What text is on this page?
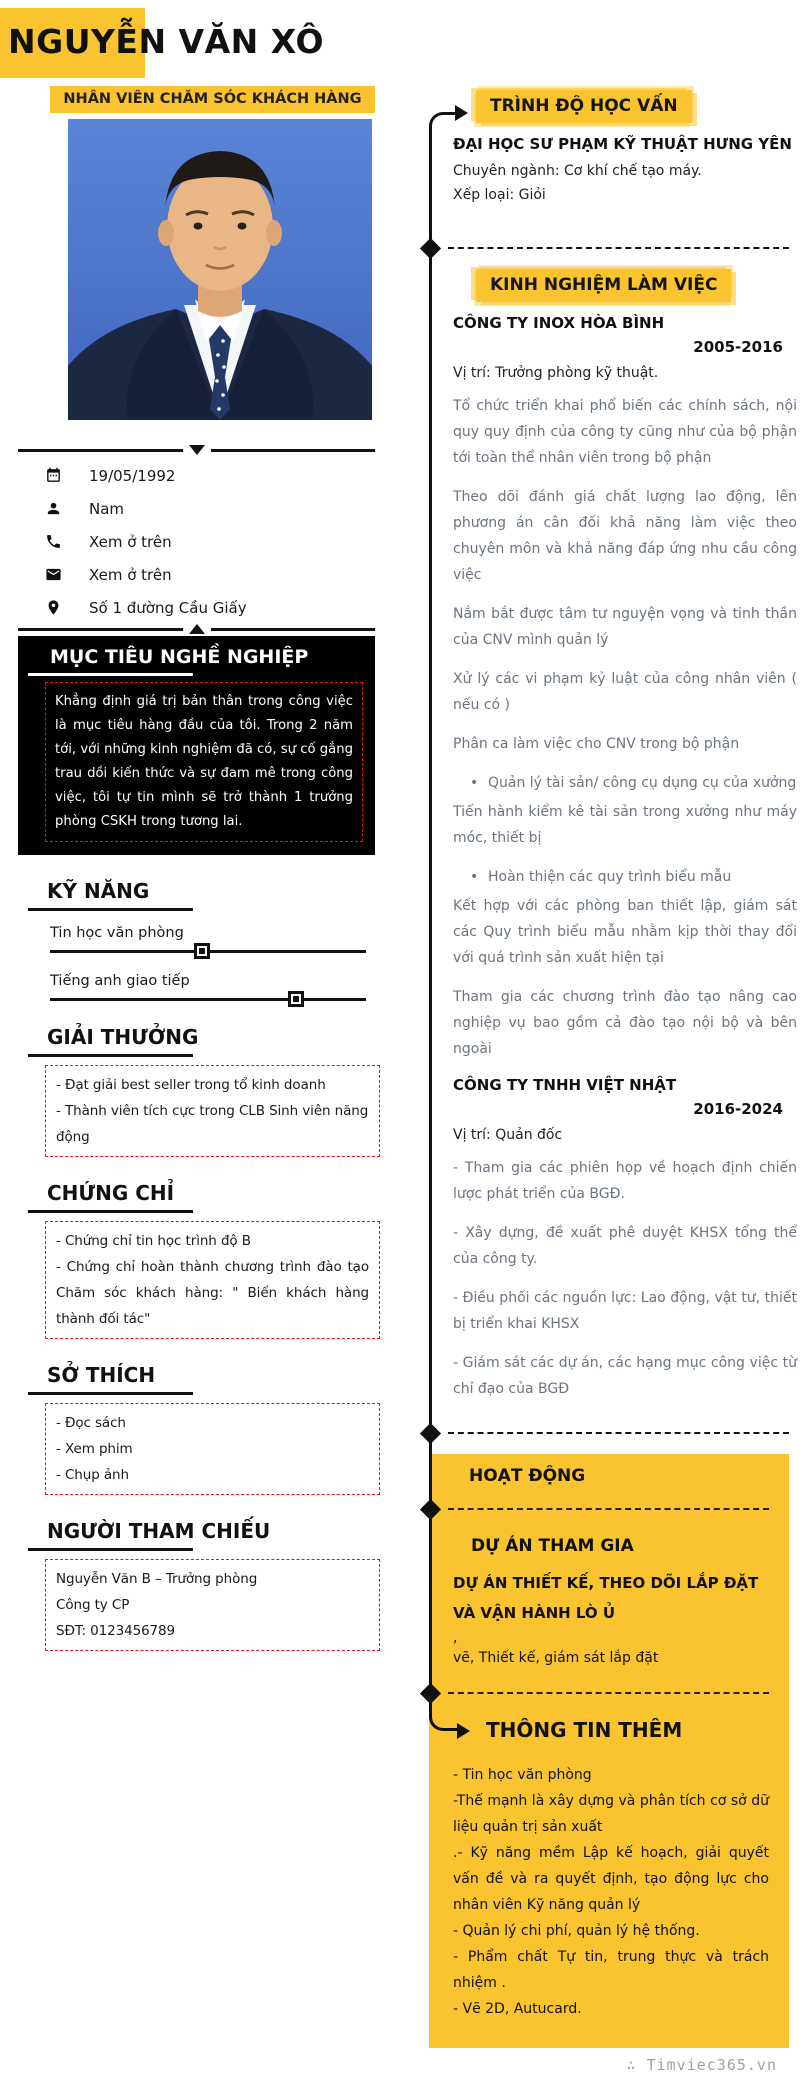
NGUYỄN VĂN XÔ
NHÂN VIÊN CHĂM SÓC KHÁCH HÀNG
19/05/1992
Nam
Xem ở trên
Xem ở trên
Số 1 đường Cầu Giấy
MỤC TIÊU NGHỀ NGHIỆP
Khẳng định giá trị bản thân trong công việc là mục tiêu hàng đầu của tôi. Trong 2 năm tới, với những kinh nghiệm đã có, sự cố gắng trau dồi kiến thức và sự đam mê trong công việc, tôi tự tin mình sẽ trở thành 1 trưởng phòng CSKH trong tương lai.
KỸ NĂNG
Tin học văn phòng
Tiếng anh giao tiếp
GIẢI THƯỞNG
- Đạt giải best seller trong tổ kinh doanh
- Thành viên tích cực trong CLB Sinh viên năng động
CHỨNG CHỈ
- Chứng chỉ tin học trình độ B
- Chứng chỉ hoàn thành chương trình đào tạo Chăm sóc khách hàng: " Biến khách hàng thành đối tác"
SỞ THÍCH
- Đọc sách
- Xem phim
- Chụp ảnh
NGƯỜI THAM CHIẾU
Nguyễn Văn B – Trưởng phòng
Công ty CP
SĐT: 0123456789
TRÌNH ĐỘ HỌC VẤN
ĐẠI HỌC SƯ PHẠM KỸ THUẬT HƯNG YÊN
Chuyên ngành: Cơ khí chế tạo máy.
Xếp loại: Giỏi
KINH NGHIỆM LÀM VIỆC
CÔNG TY INOX HÒA BÌNH
2005-2016
Vị trí: Trưởng phòng kỹ thuật.

Tổ chức triển khai phổ biến các chính sách, nội quy quy định của công ty cũng như của bộ phận tới toàn thể nhân viên trong bộ phận

Theo dõi đánh giá chất lượng lao động, lên phương án cân đối khả năng làm việc theo chuyên môn và khả năng đáp ứng nhu cầu công việc

Nắm bắt được tâm tư nguyện vọng và tinh thần của CNV mình quản lý

Xử lý các vi phạm kỷ luật của công nhân viên ( nếu có )

Phân ca làm việc cho CNV trong bộ phận

• Quản lý tài sản/ công cụ dụng cụ của xưởng

Tiến hành kiểm kê tài sản trong xưởng như máy móc, thiết bị

• Hoàn thiện các quy trình biểu mẫu

Kết hợp với các phòng ban thiết lập, giám sát các Quy trình biểu mẫu nhằm kịp thời thay đổi với quá trình sản xuất hiện tại

Tham gia các chương trình đào tạo nâng cao nghiệp vụ bao gồm cả đào tạo nội bộ và bên ngoài

CÔNG TY TNHH VIỆT NHẬT
2016-2024
Vị trí: Quản đốc

- Tham gia các phiên họp về hoạch định chiến lược phát triển của BGĐ.

- Xây dựng, đề xuất phê duyệt KHSX tổng thể của công ty.

- Điều phối các nguồn lực: Lao động, vật tư, thiết bị triển khai KHSX

- Giám sát các dự án, các hạng mục công việc từ chỉ đạo của BGĐ

HOẠT ĐỘNG
DỰ ÁN THAM GIA
DỰ ÁN THIẾT KẾ, THEO DÕI LẮP ĐẶT VÀ VẬN HÀNH LÒ Ủ
,
vẽ, Thiết kế, giám sát lắp đặt
THÔNG TIN THÊM
- Tin học văn phòng
-Thế mạnh là xây dựng và phân tích cơ sở dữ liệu quản trị sản xuất
.- Kỹ năng mềm Lập kế hoạch, giải quyết vấn đề và ra quyết định, tạo động lực cho nhân viên Kỹ năng quản lý
- Quản lý chi phí, quản lý hệ thống.
- Phẩm chất Tự tin, trung thực và trách nhiệm .
- Vẽ 2D, Autucard.
∴ Timviec365.vn
